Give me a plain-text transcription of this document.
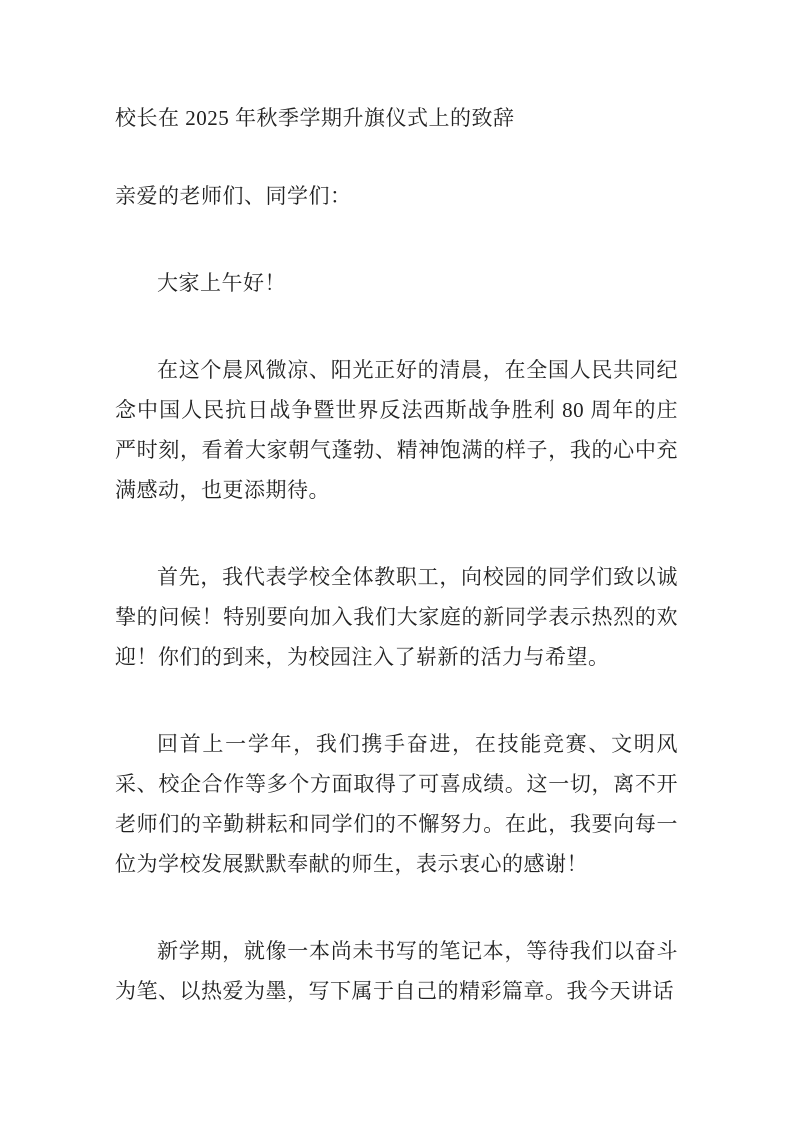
校长在 2025 年秋季学期升旗仪式上的致辞

亲爱的老师们、同学们：

大家上午好！

在这个晨风微凉、阳光正好的清晨，在全国人民共同纪念中国人民抗日战争暨世界反法西斯战争胜利 80 周年的庄严时刻，看着大家朝气蓬勃、精神饱满的样子，我的心中充满感动，也更添期待。

首先，我代表学校全体教职工，向校园的同学们致以诚挚的问候！特别要向加入我们大家庭的新同学表示热烈的欢迎！你们的到来，为校园注入了崭新的活力与希望。

回首上一学年，我们携手奋进，在技能竞赛、文明风采、校企合作等多个方面取得了可喜成绩。这一切，离不开老师们的辛勤耕耘和同学们的不懈努力。在此，我要向每一位为学校发展默默奉献的师生，表示衷心的感谢！

新学期，就像一本尚未书写的笔记本，等待我们以奋斗为笔、以热爱为墨，写下属于自己的精彩篇章。我今天讲话
